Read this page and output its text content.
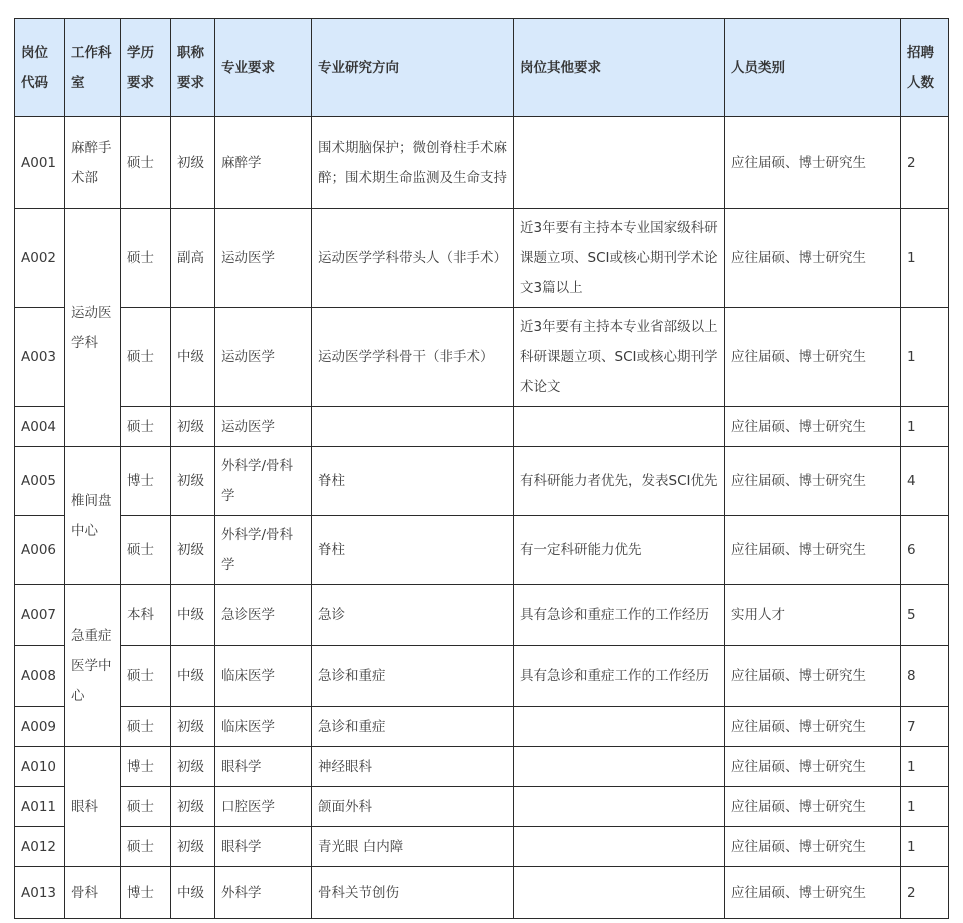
岗位代码	工作科室	学历要求	职称要求	专业要求	专业研究方向	岗位其他要求	人员类别	招聘人数
A001	麻醉手术部	硕士	初级	麻醉学	围术期脑保护；微创脊柱手术麻醉；围术期生命监测及生命支持		应往届硕、博士研究生	2
A002	运动医学科	硕士	副高	运动医学	运动医学学科带头人（非手术）	近3年要有主持本专业国家级科研课题立项、SCI或核心期刊学术论文3篇以上	应往届硕、博士研究生	1
A003		硕士	中级	运动医学	运动医学学科骨干（非手术）	近3年要有主持本专业省部级以上科研课题立项、SCI或核心期刊学术论文	应往届硕、博士研究生	1
A004		硕士	初级	运动医学			应往届硕、博士研究生	1
A005	椎间盘中心	博士	初级	外科学/骨科学	脊柱	有科研能力者优先，发表SCI优先	应往届硕、博士研究生	4
A006		硕士	初级	外科学/骨科学	脊柱	有一定科研能力优先	应往届硕、博士研究生	6
A007	急重症医学中心	本科	中级	急诊医学	急诊	具有急诊和重症工作的工作经历	实用人才	5
A008		硕士	中级	临床医学	急诊和重症	具有急诊和重症工作的工作经历	应往届硕、博士研究生	8
A009		硕士	初级	临床医学	急诊和重症		应往届硕、博士研究生	7
A010	眼科	博士	初级	眼科学	神经眼科		应往届硕、博士研究生	1
A011		硕士	初级	口腔医学	颌面外科		应往届硕、博士研究生	1
A012		硕士	初级	眼科学	青光眼 白内障		应往届硕、博士研究生	1
A013	骨科	博士	中级	外科学	骨科关节创伤		应往届硕、博士研究生	2
